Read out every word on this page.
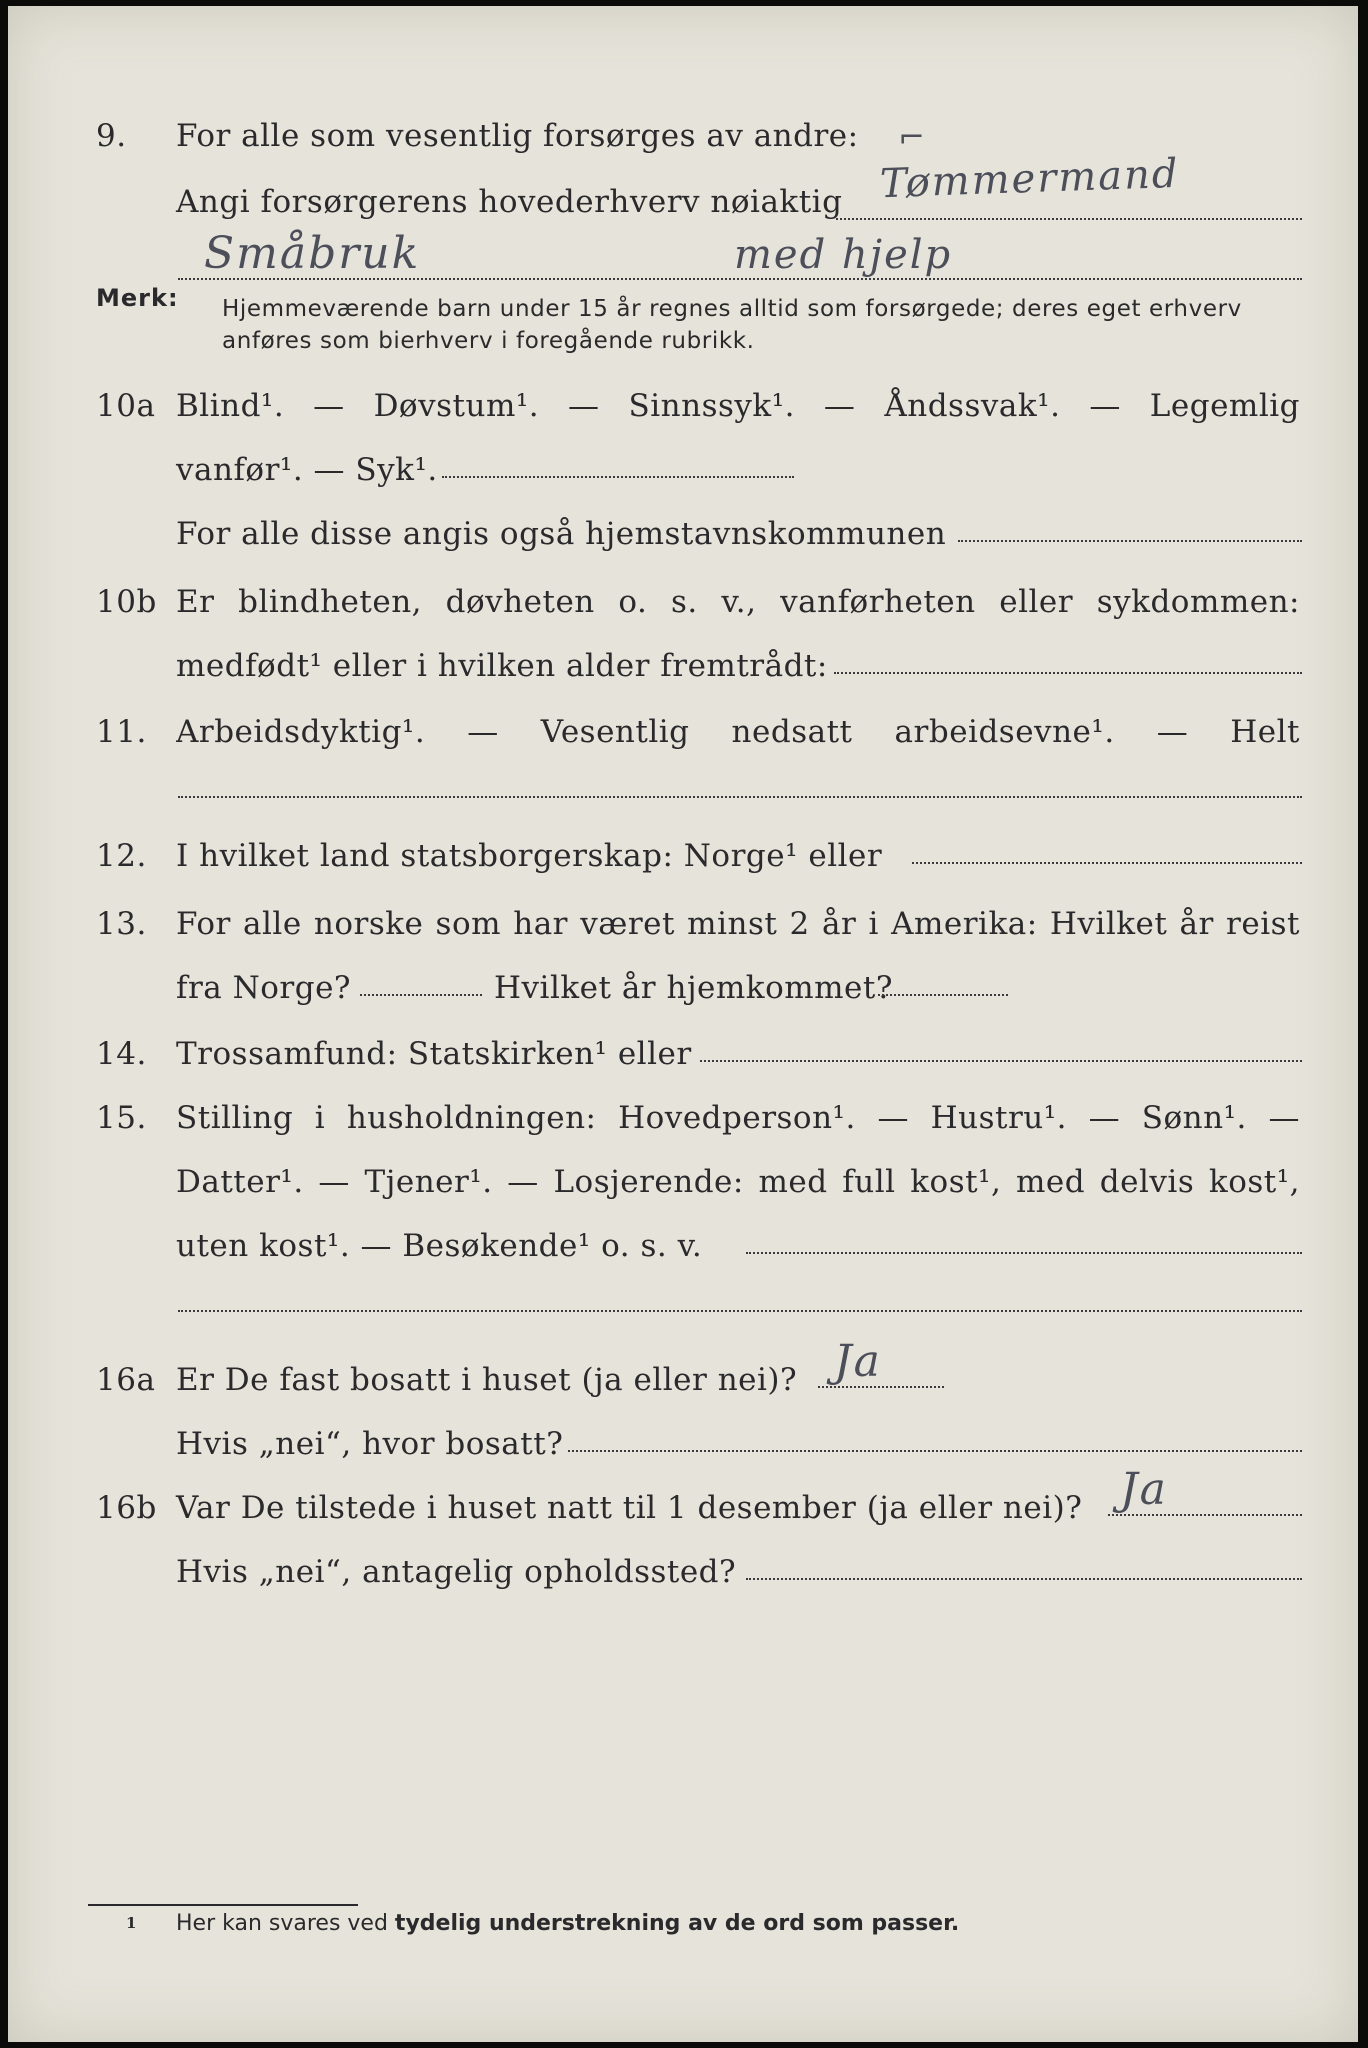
9. For alle som vesentlig forsørges av andre: ⌐
Angi forsørgerens hovederhverv nøiaktig Tømmermand
Småbruk	med hjelp
Merk: Hjemmeværende barn under 15 år regnes alltid som forsørgede; deres eget erhverv
anføres som bierhverv i foregående rubrikk.
10a Blind¹. — Døvstum¹. — Sinnssyk¹. — Åndssvak¹. — Legemlig
vanfør¹. — Syk¹.
For alle disse angis også hjemstavnskommunen
10b Er blindheten, døvheten o. s. v., vanførheten eller sykdommen:
medfødt¹ eller i hvilken alder fremtrådt:
11. Arbeidsdyktig¹. — Vesentlig nedsatt arbeidsevne¹. — Helt
12. I hvilket land statsborgerskap: Norge¹ eller
13. For alle norske som har været minst 2 år i Amerika: Hvilket år reist
fra Norge?	Hvilket år hjemkommet?
14. Trossamfund: Statskirken¹ eller
15. Stilling i husholdningen: Hovedperson¹. — Hustru¹. — Sønn¹. —
Datter¹. — Tjener¹. — Losjerende: med full kost¹, med delvis kost¹,
uten kost¹. — Besøkende¹ o. s. v.
16a Er De fast bosatt i huset (ja eller nei)? Ja
Hvis „nei“, hvor bosatt?
16b Var De tilstede i huset natt til 1 desember (ja eller nei)? Ja
Hvis „nei“, antagelig opholdssted?
1 Her kan svares ved tydelig understrekning av de ord som passer.
